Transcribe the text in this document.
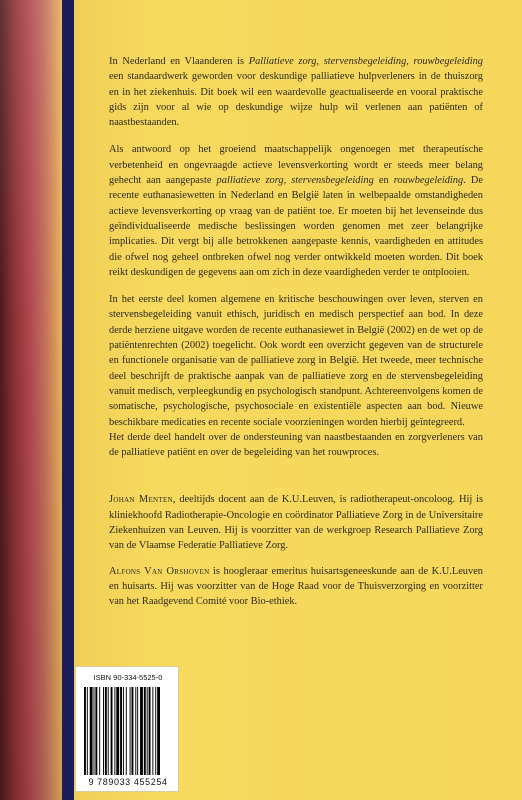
In Nederland en Vlaanderen is Palliatieve zorg, stervensbegeleiding, rouwbegeleiding een standaardwerk geworden voor deskundige palliatieve hulpverleners in de thuiszorg en in het ziekenhuis. Dit boek wil een waardevolle geactualiseerde en vooral praktische gids zijn voor al wie op deskundige wijze hulp wil verlenen aan patiënten of naastbestaanden.

Als antwoord op het groeiend maatschappelijk ongenoegen met therapeutische verbetenheid en ongevraagde actieve levensverkorting wordt er steeds meer belang gehecht aan aangepaste palliatieve zorg, stervensbegeleiding en rouwbegeleiding. De recente euthanasiewetten in Nederland en België laten in welbepaalde omstandigheden actieve levensverkorting op vraag van de patiënt toe. Er moeten bij het levenseinde dus geïndividualiseerde medische beslissingen worden genomen met zeer belangrijke implicaties. Dit vergt bij alle betrokkenen aangepaste kennis, vaardigheden en attitudes die ofwel nog geheel ontbreken ofwel nog verder ontwikkeld moeten worden. Dit boek reikt deskundigen de gegevens aan om zich in deze vaardigheden verder te ontplooien.

In het eerste deel komen algemene en kritische beschouwingen over leven, sterven en stervensbegeleiding vanuit ethisch, juridisch en medisch perspectief aan bod. In deze derde herziene uitgave worden de recente euthanasiewet in België (2002) en de wet op de patiëntenrechten (2002) toegelicht. Ook wordt een overzicht gegeven van de structurele en functionele organisatie van de palliatieve zorg in België. Het tweede, meer technische deel beschrijft de praktische aanpak van de palliatieve zorg en de stervensbegeleiding vanuit medisch, verpleegkundig en psychologisch standpunt. Achtereenvolgens komen de somatische, psychologische, psychosociale en existentiële aspecten aan bod. Nieuwe beschikbare medicaties en recente sociale voorzieningen worden hierbij geïntegreerd.

Het derde deel handelt over de ondersteuning van naastbestaanden en zorgverleners van de palliatieve patiënt en over de begeleiding van het rouwproces.

Johan Menten, deeltijds docent aan de K.U.Leuven, is radiotherapeut-oncoloog. Hij is kliniekhoofd Radiotherapie-Oncologie en coördinator Palliatieve Zorg in de Universitaire Ziekenhuizen van Leuven. Hij is voorzitter van de werkgroep Research Palliatieve Zorg van de Vlaamse Federatie Palliatieve Zorg.

Alfons Van Orshoven is hoogleraar emeritus huisartsgeneeskunde aan de K.U.Leuven en huisarts. Hij was voorzitter van de Hoge Raad voor de Thuisverzorging en voorzitter van het Raadgevend Comité voor Bio-ethiek.

ISBN 90-334-5525-0
9 789033 455254
